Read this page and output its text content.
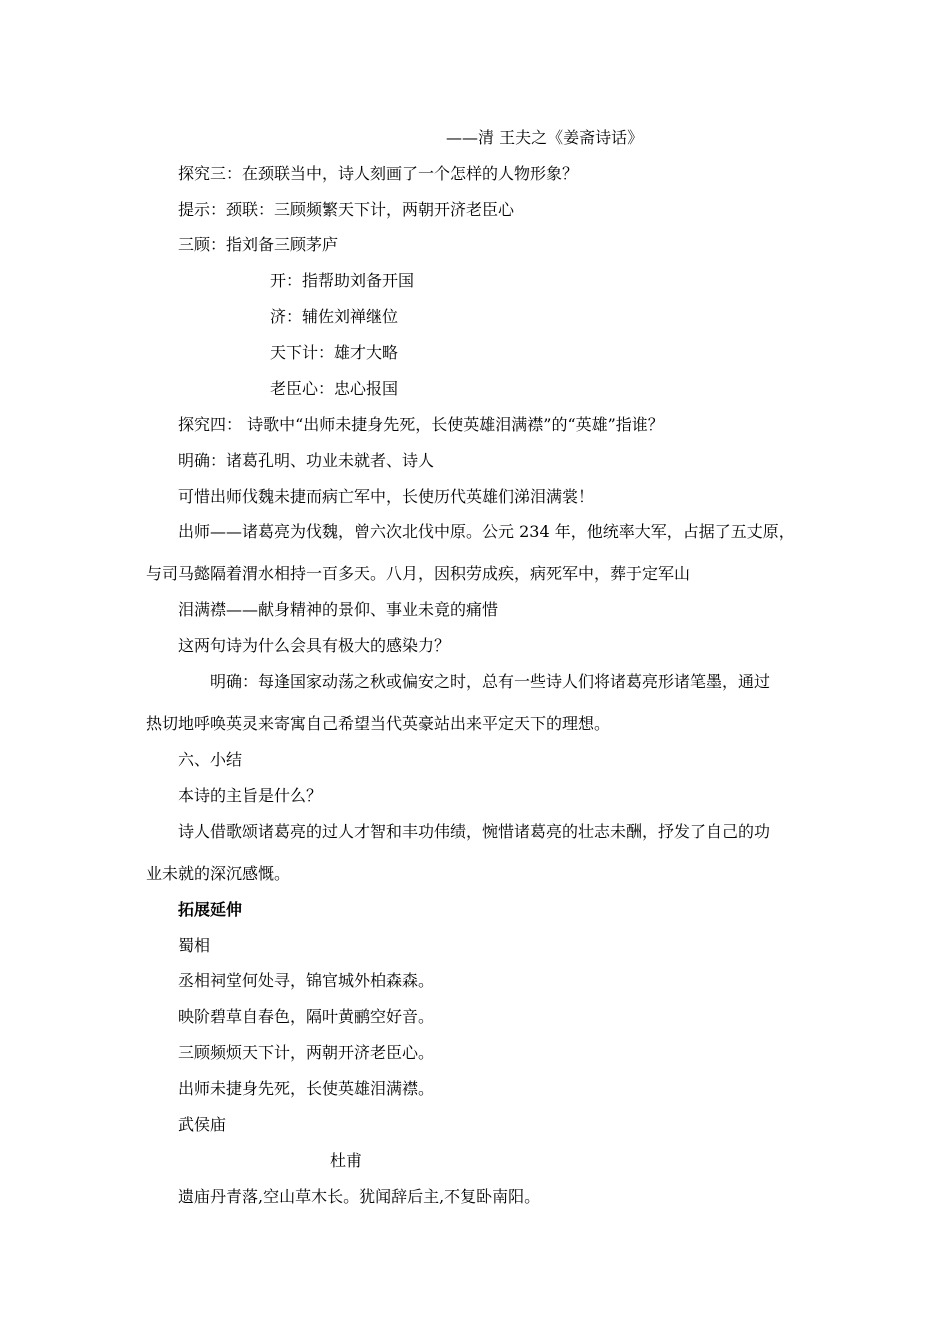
——清 王夫之《姜斋诗话》
探究三：在颈联当中，诗人刻画了一个怎样的人物形象？
提示：颈联：三顾频繁天下计，两朝开济老臣心
三顾：指刘备三顾茅庐
开：指帮助刘备开国
济：辅佐刘禅继位
天下计：雄才大略
老臣心：忠心报国
探究四： 诗歌中“出师未捷身先死，长使英雄泪满襟”的“英雄”指谁？
明确：诸葛孔明、功业未就者、诗人
可惜出师伐魏未捷而病亡军中，长使历代英雄们涕泪满裳！
出师——诸葛亮为伐魏，曾六次北伐中原。公元 234 年，他统率大军，占据了五丈原，
与司马懿隔着渭水相持一百多天。八月，因积劳成疾，病死军中，葬于定军山
泪满襟——献身精神的景仰、事业未竟的痛惜
这两句诗为什么会具有极大的感染力？
明确：每逢国家动荡之秋或偏安之时，总有一些诗人们将诸葛亮形诸笔墨，通过
热切地呼唤英灵来寄寓自己希望当代英豪站出来平定天下的理想。
六、小结
本诗的主旨是什么？
诗人借歌颂诸葛亮的过人才智和丰功伟绩，惋惜诸葛亮的壮志未酬，抒发了自己的功
业未就的深沉感慨。
拓展延伸
蜀相
丞相祠堂何处寻，锦官城外柏森森。
映阶碧草自春色，隔叶黄鹂空好音。
三顾频烦天下计，两朝开济老臣心。
出师未捷身先死，长使英雄泪满襟。
武侯庙
杜甫
遗庙丹青落,空山草木长。犹闻辞后主,不复卧南阳。
